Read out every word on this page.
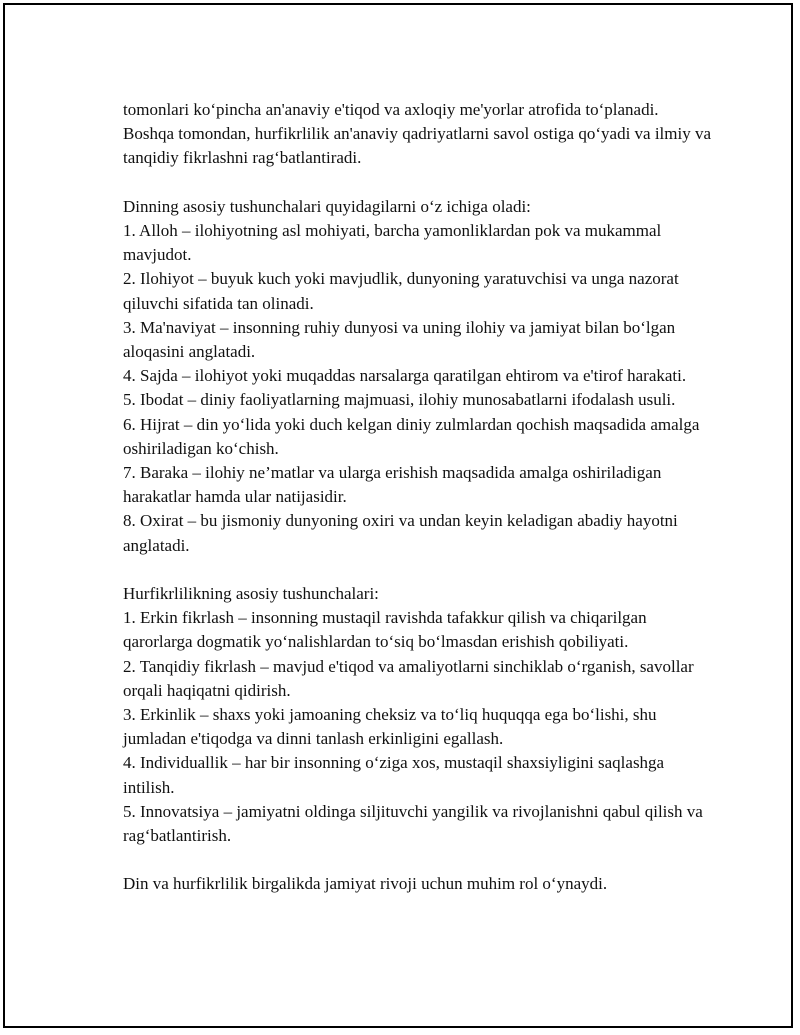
tomonlari ko‘pincha an'anaviy e'tiqod va axloqiy me'yorlar atrofida to‘planadi. Boshqa tomondan, hurfikrlilik an'anaviy qadriyatlarni savol ostiga qo‘yadi va ilmiy va tanqidiy fikrlashni rag‘batlantiradi.

Dinning asosiy tushunchalari quyidagilarni o‘z ichiga oladi:

1. Alloh – ilohiyotning asl mohiyati, barcha yamonliklardan pok va mukammal mavjudot.

2. Ilohiyot – buyuk kuch yoki mavjudlik, dunyoning yaratuvchisi va unga nazorat qiluvchi sifatida tan olinadi.

3. Ma'naviyat – insonning ruhiy dunyosi va uning ilohiy va jamiyat bilan bo‘lgan aloqasini anglatadi.

4. Sajda – ilohiyot yoki muqaddas narsalarga qaratilgan ehtirom va e'tirof harakati.

5. Ibodat – diniy faoliyatlarning majmuasi, ilohiy munosabatlarni ifodalash usuli.

6. Hijrat – din yo‘lida yoki duch kelgan diniy zulmlardan qochish maqsadida amalga oshiriladigan ko‘chish.

7. Baraka – ilohiy ne’matlar va ularga erishish maqsadida amalga oshiriladigan harakatlar hamda ular natijasidir.

8. Oxirat – bu jismoniy dunyoning oxiri va undan keyin keladigan abadiy hayotni anglatadi.

Hurfikrlilikning asosiy tushunchalari:

1. Erkin fikrlash – insonning mustaqil ravishda tafakkur qilish va chiqarilgan qarorlarga dogmatik yo‘nalishlardan to‘siq bo‘lmasdan erishish qobiliyati.

2. Tanqidiy fikrlash – mavjud e'tiqod va amaliyotlarni sinchiklab o‘rganish, savollar orqali haqiqatni qidirish.

3. Erkinlik – shaxs yoki jamoaning cheksiz va to‘liq huquqqa ega bo‘lishi, shu jumladan e'tiqodga va dinni tanlash erkinligini egallash.

4. Individuallik – har bir insonning o‘ziga xos, mustaqil shaxsiyligini saqlashga intilish.

5. Innovatsiya – jamiyatni oldinga siljituvchi yangilik va rivojlanishni qabul qilish va rag‘batlantirish.

Din va hurfikrlilik birgalikda jamiyat rivoji uchun muhim rol o‘ynaydi.
